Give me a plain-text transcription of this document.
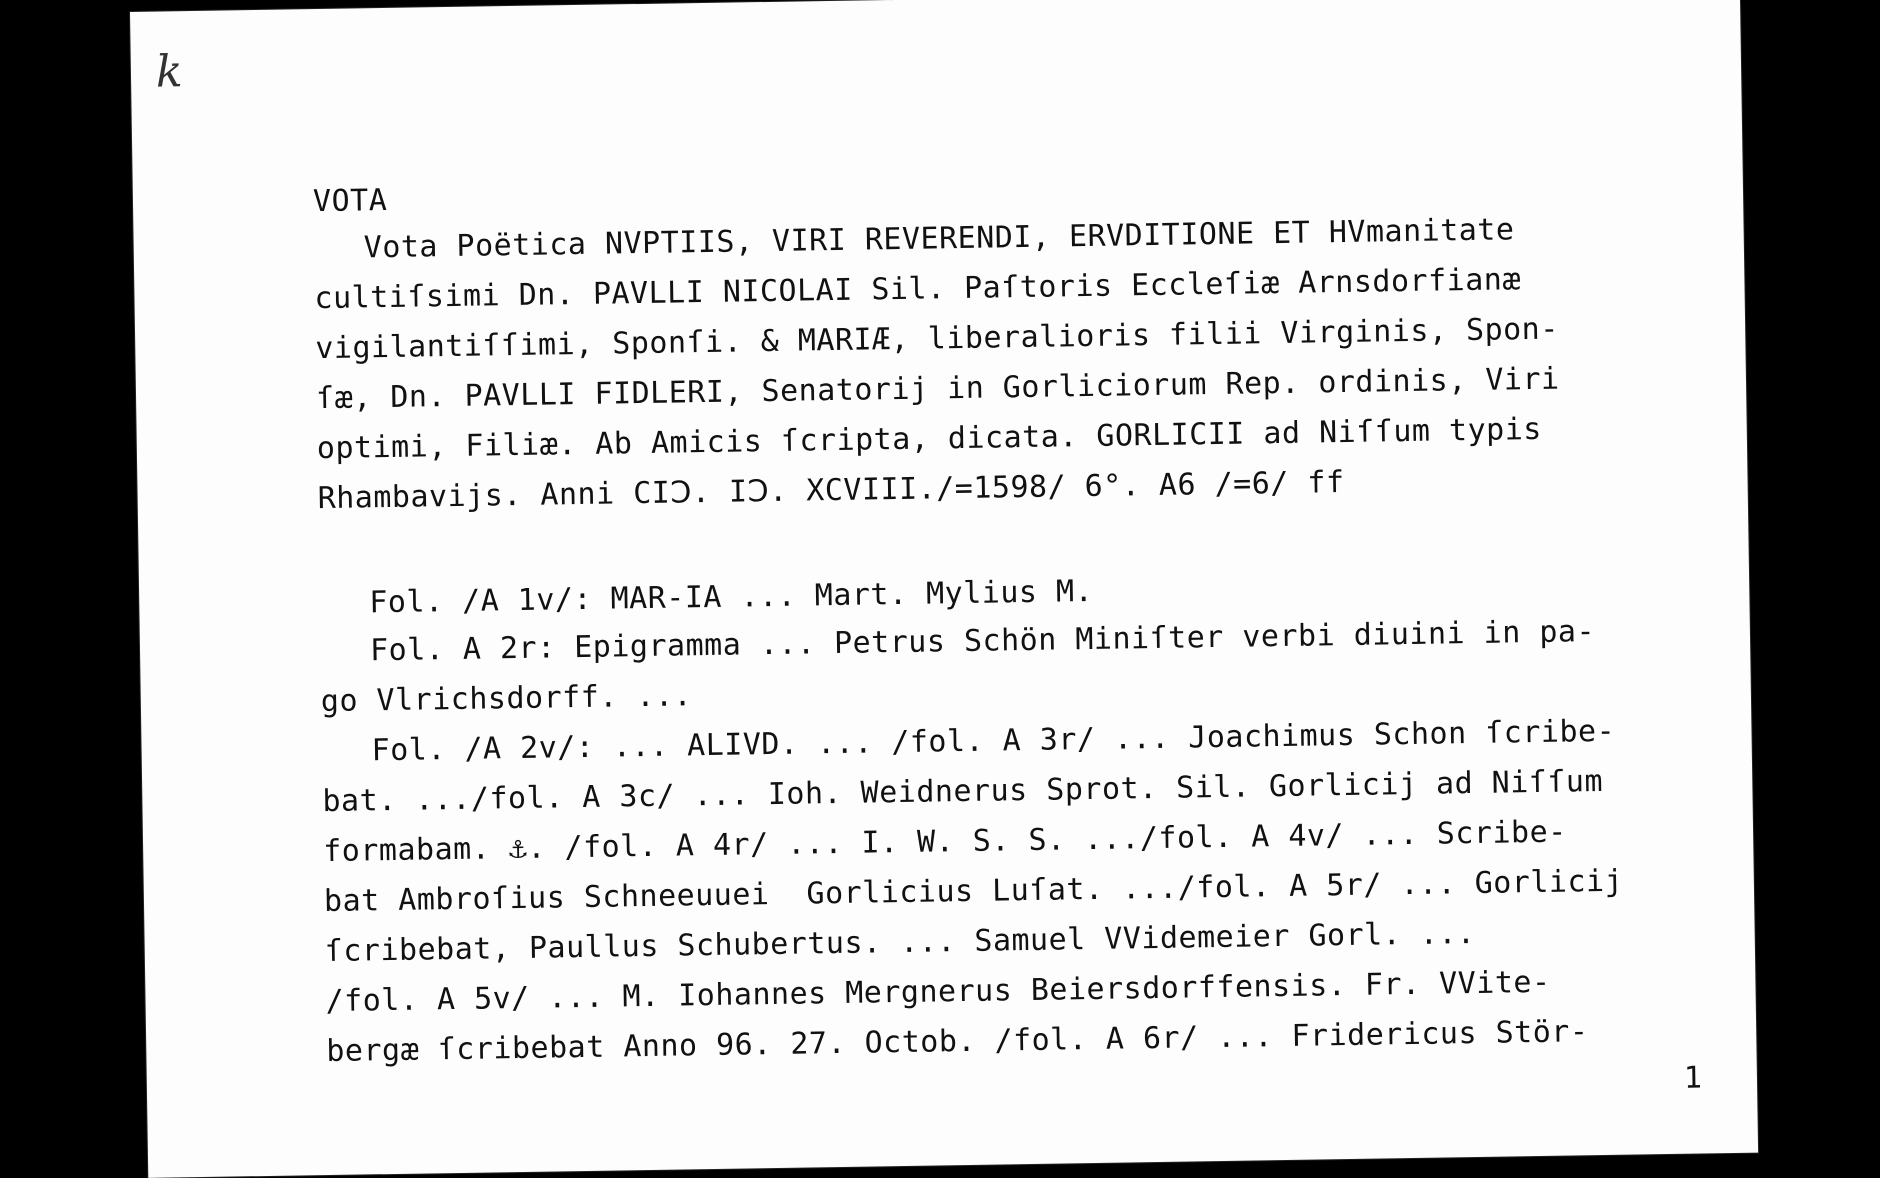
k
VOTA
Vota Poëtica NVPTIIS, VIRI REVERENDI, ERVDITIONE ET HVmanitate
cultiſsimi Dn. PAVLLI NICOLAI Sil. Paſtoris Eccleſiæ Arnsdorfianæ
vigilantiſſimi, Sponſi. & MARIÆ, liberalioris filii Virginis, Spon-
ſæ, Dn. PAVLLI FIDLERI, Senatorij in Gorliciorum Rep. ordinis, Viri
optimi, Filiæ. Ab Amicis ſcripta, dicata. GORLICII ad Niſſum typis
Rhambavijs. Anni CIↃ. IↃ. XCVIII./=1598/ 6°. A6 /=6/ ff
Fol. /A 1v/: MAR-IA ... Mart. Mylius M.
Fol. A 2r: Epigramma ... Petrus Schön Miniſter verbi diuini in pa-
go Vlrichsdorff. ...
Fol. /A 2v/: ... ALIVD. ... /fol. A 3r/ ... Joachimus Schon ſcribe-
bat. .../fol. A 3c/ ... Ioh. Weidnerus Sprot. Sil. Gorlicij ad Niſſum
formabam. ⚓. /fol. A 4r/ ... I. W. S. S. .../fol. A 4v/ ... Scribe-
bat Ambroſius Schneeuuei  Gorlicius Luſat. .../fol. A 5r/ ... Gorlicij
ſcribebat, Paullus Schubertus. ... Samuel VVidemeier Gorl. ...
/fol. A 5v/ ... M. Iohannes Mergnerus Beiersdorffensis. Fr. VVite-
bergæ ſcribebat Anno 96. 27. Octob. /fol. A 6r/ ... Fridericus Stör-
1
